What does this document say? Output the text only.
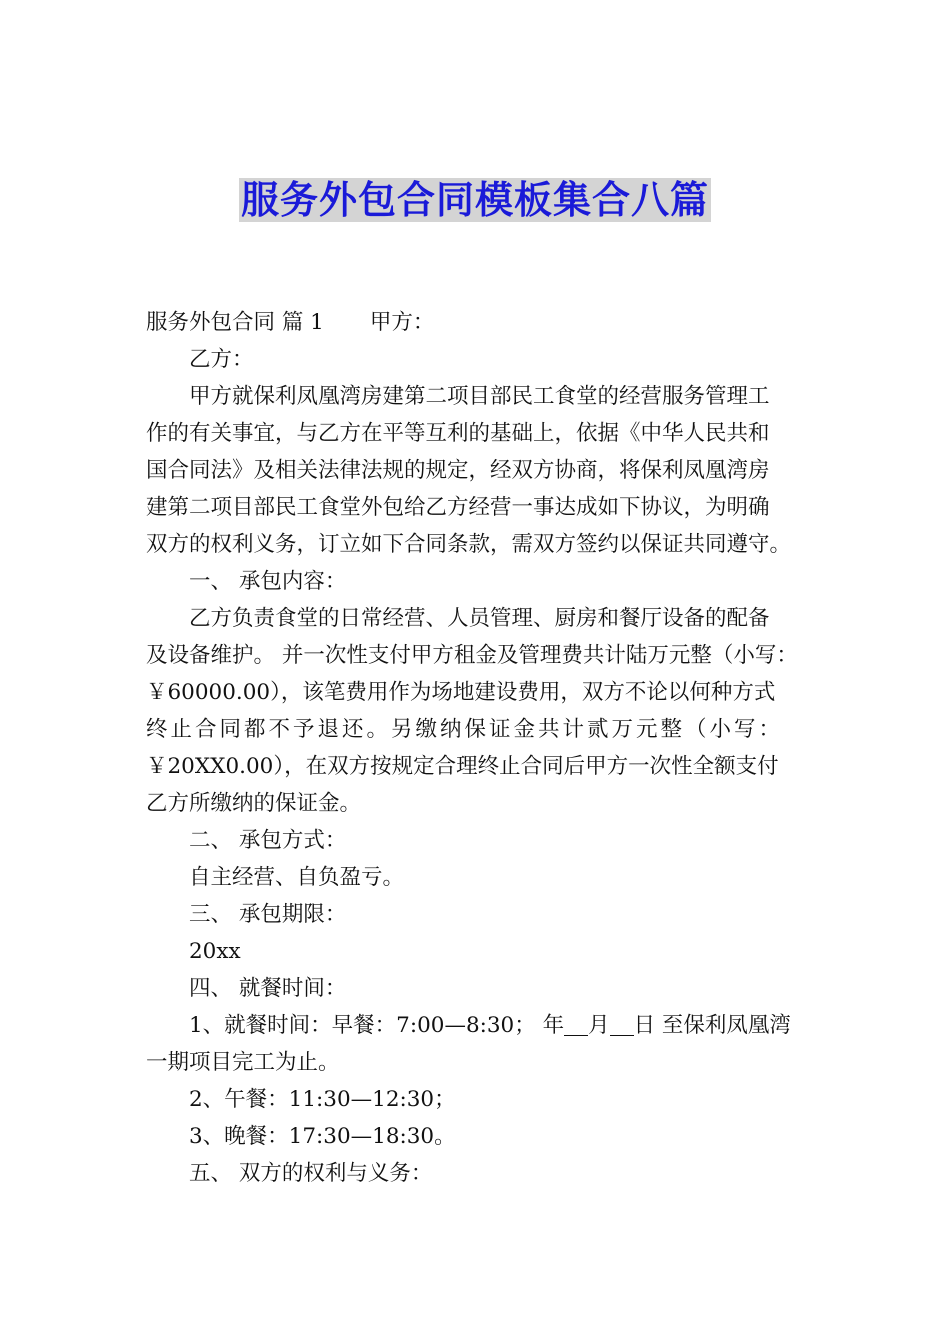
服务外包合同模板集合八篇

服务外包合同 篇 1 甲方：

乙方：

甲方就保利凤凰湾房建第二项目部民工食堂的经营服务管理工

作的有关事宜，与乙方在平等互利的基础上，依据《中华人民共和

国合同法》及相关法律法规的规定，经双方协商，将保利凤凰湾房

建第二项目部民工食堂外包给乙方经营一事达成如下协议，为明确

双方的权利义务，订立如下合同条款，需双方签约以保证共同遵守。

一、 承包内容：

乙方负责食堂的日常经营、人员管理、厨房和餐厅设备的配备

及设备维护。 并一次性支付甲方租金及管理费共计陆万元整（小写：

￥60000.00），该笔费用作为场地建设费用，双方不论以何种方式

终止合同都不予退还。另缴纳保证金共计贰万元整（小写：

￥20XX0.00），在双方按规定合理终止合同后甲方一次性全额支付

乙方所缴纳的保证金。

二、 承包方式：

自主经营、自负盈亏。

三、 承包期限：

20xx

四、 就餐时间：

1、就餐时间：早餐：7:00—8:30； 年 月 日 至保利凤凰湾

一期项目完工为止。

2、午餐：11:30—12:30；

3、晚餐：17:30—18:30。

五、 双方的权利与义务：
